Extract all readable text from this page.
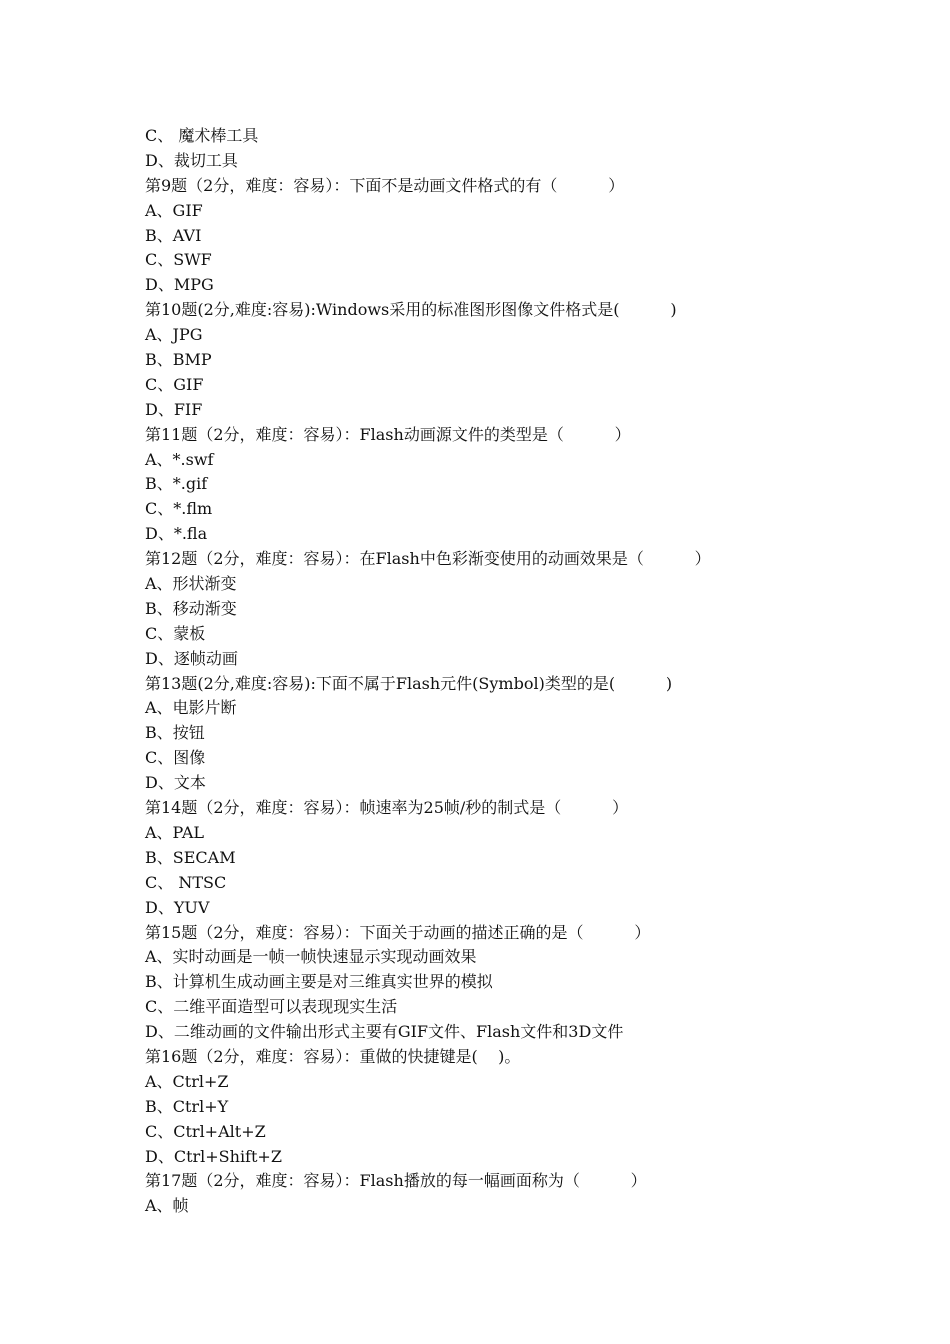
C、 魔术棒工具
D、裁切工具
第9题（2分，难度：容易）：下面不是动画文件格式的有（          ）
A、GIF
B、AVI
C、SWF
D、MPG
第10题(2分,难度:容易):Windows采用的标准图形图像文件格式是(          )
A、JPG
B、BMP
C、GIF
D、FIF
第11题（2分，难度：容易）：Flash动画源文件的类型是（          ）
A、*.swf
B、*.gif
C、*.flm
D、*.fla
第12题（2分，难度：容易）：在Flash中色彩渐变使用的动画效果是（          ）
A、形状渐变
B、移动渐变
C、蒙板
D、逐帧动画
第13题(2分,难度:容易):下面不属于Flash元件(Symbol)类型的是(          )
A、电影片断
B、按钮
C、图像
D、文本
第14题（2分，难度：容易）：帧速率为25帧/秒的制式是（          ）
A、PAL
B、SECAM
C、 NTSC
D、YUV
第15题（2分，难度：容易）：下面关于动画的描述正确的是（          ）
A、实时动画是一帧一帧快速显示实现动画效果
B、计算机生成动画主要是对三维真实世界的模拟
C、二维平面造型可以表现现实生活
D、二维动画的文件输出形式主要有GIF文件、Flash文件和3D文件
第16题（2分，难度：容易）：重做的快捷键是(    )。
A、Ctrl+Z
B、Ctrl+Y
C、Ctrl+Alt+Z
D、Ctrl+Shift+Z
第17题（2分，难度：容易）：Flash播放的每一幅画面称为（          ）
A、帧
